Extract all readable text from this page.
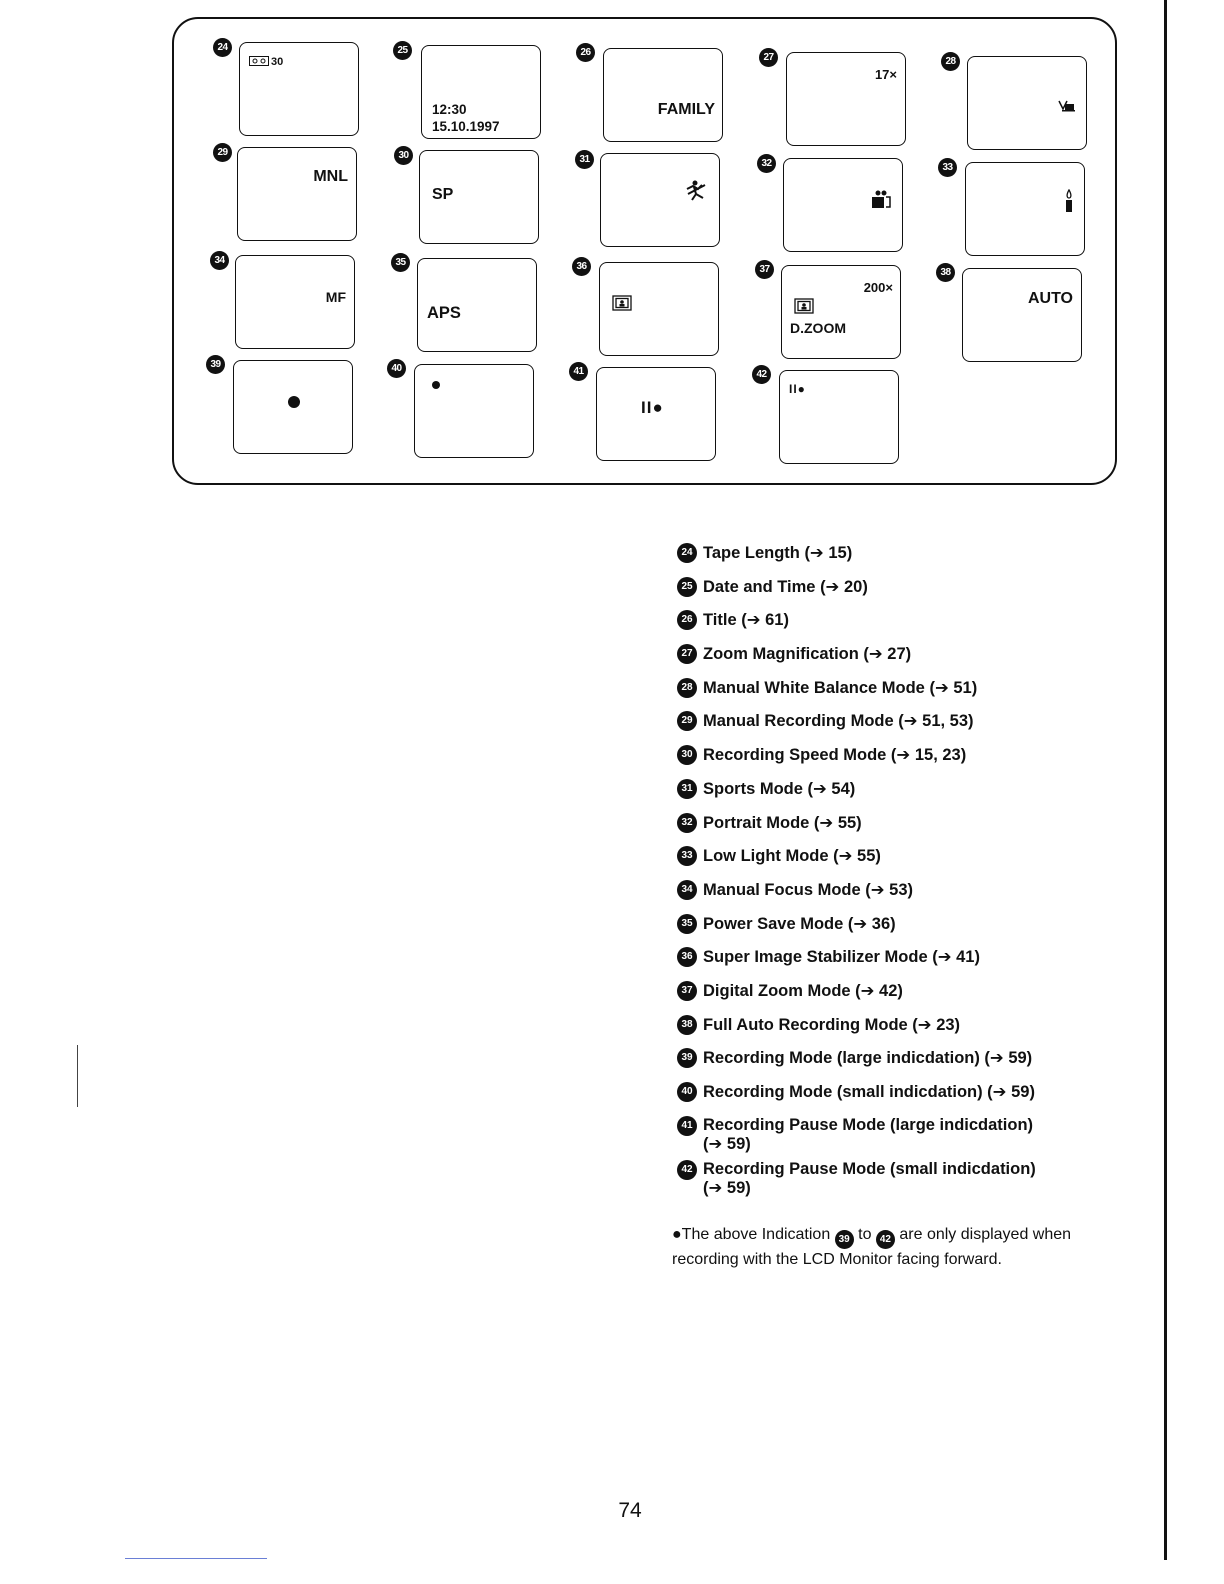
24
30
25
12:30
15.10.1997
26
FAMILY
27
17×
28
29
MNL
30
SP
31	32	33
34
MF
35
APS
36	37
200×
D.ZOOM
38
AUTO
39	40	41
II●
42
II●
24 Tape Length (➔ 15)
25 Date and Time (➔ 20)
26 Title (➔ 61)
27 Zoom Magnification (➔ 27)
28 Manual White Balance Mode (➔ 51)
29 Manual Recording Mode (➔ 51, 53)
30 Recording Speed Mode (➔ 15, 23)
31 Sports Mode (➔ 54)
32 Portrait Mode (➔ 55)
33 Low Light Mode (➔ 55)
34 Manual Focus Mode (➔ 53)
35 Power Save Mode (➔ 36)
36 Super Image Stabilizer Mode (➔ 41)
37 Digital Zoom Mode (➔ 42)
38 Full Auto Recording Mode (➔ 23)
39 Recording Mode (large indicdation) (➔ 59)
40 Recording Mode (small indicdation) (➔ 59)
41 Recording Pause Mode (large indicdation)
(➔ 59)
42 Recording Pause Mode (small indicdation)
(➔ 59)
●The above Indication 39 to 42 are only displayed when recording with the LCD Monitor facing forward.
74
